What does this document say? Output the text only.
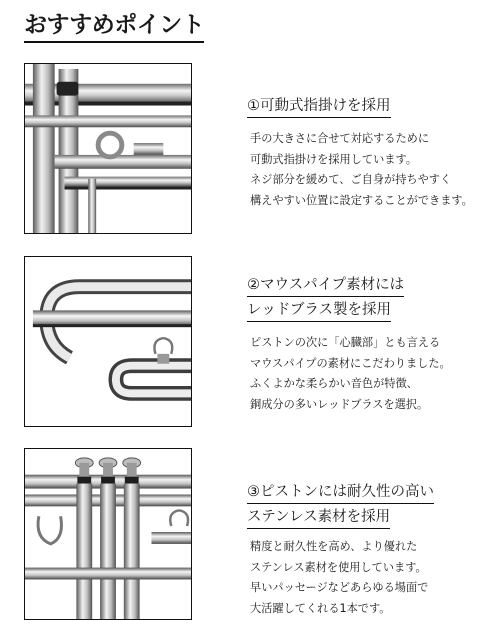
おすすめポイント
①可動式指掛けを採用
手の大きさに合せて対応するために
可動式指掛けを採用しています。
ネジ部分を緩めて、ご自身が持ちやすく
構えやすい位置に設定することができます。
②マウスパイプ素材には
レッドブラス製を採用
ピストンの次に「心臓部」とも言える
マウスパイプの素材にこだわりました。
ふくよかな柔らかい音色が特徴、
銅成分の多いレッドブラスを選択。
③ピストンには耐久性の高い
ステンレス素材を採用
精度と耐久性を高め、より優れた
ステンレス素材を使用しています。
早いパッセージなどあらゆる場面で
大活躍してくれる1本です。
